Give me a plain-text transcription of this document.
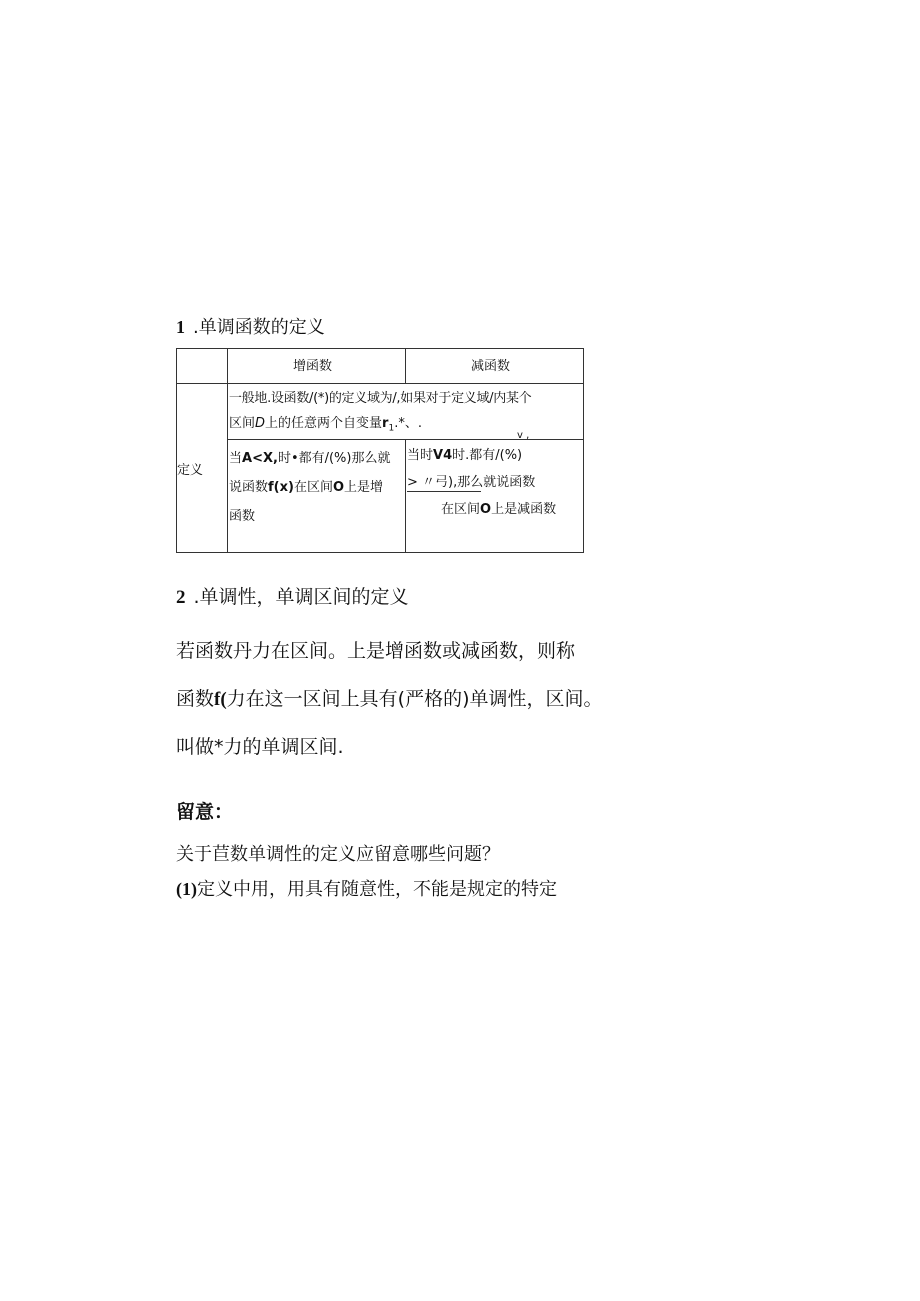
1 .单调函数的定义
增函数	减函数
定义
一般地.设函数/(*)的定义域为/,如果对于定义域/内某个
区间D上的任意两个自变量$r_1.*$、.
v ,
当A<X,时•都有/(%)那么就
说函数f(x)在区间O上是增
函数
当时V4时.都有/(%)
> 〃弓),那么就说函数
在区间O上是减函数
2 .单调性，单调区间的定义
若函数丹力在区间。上是增函数或减函数，则称
函数f(力在这一区间上具有(严格的)单调性，区间。
叫做*力的单调区间.
留意：
关于苣数单调性的定义应留意哪些问题？
(1)定义中用，用具有随意性，不能是规定的特定
